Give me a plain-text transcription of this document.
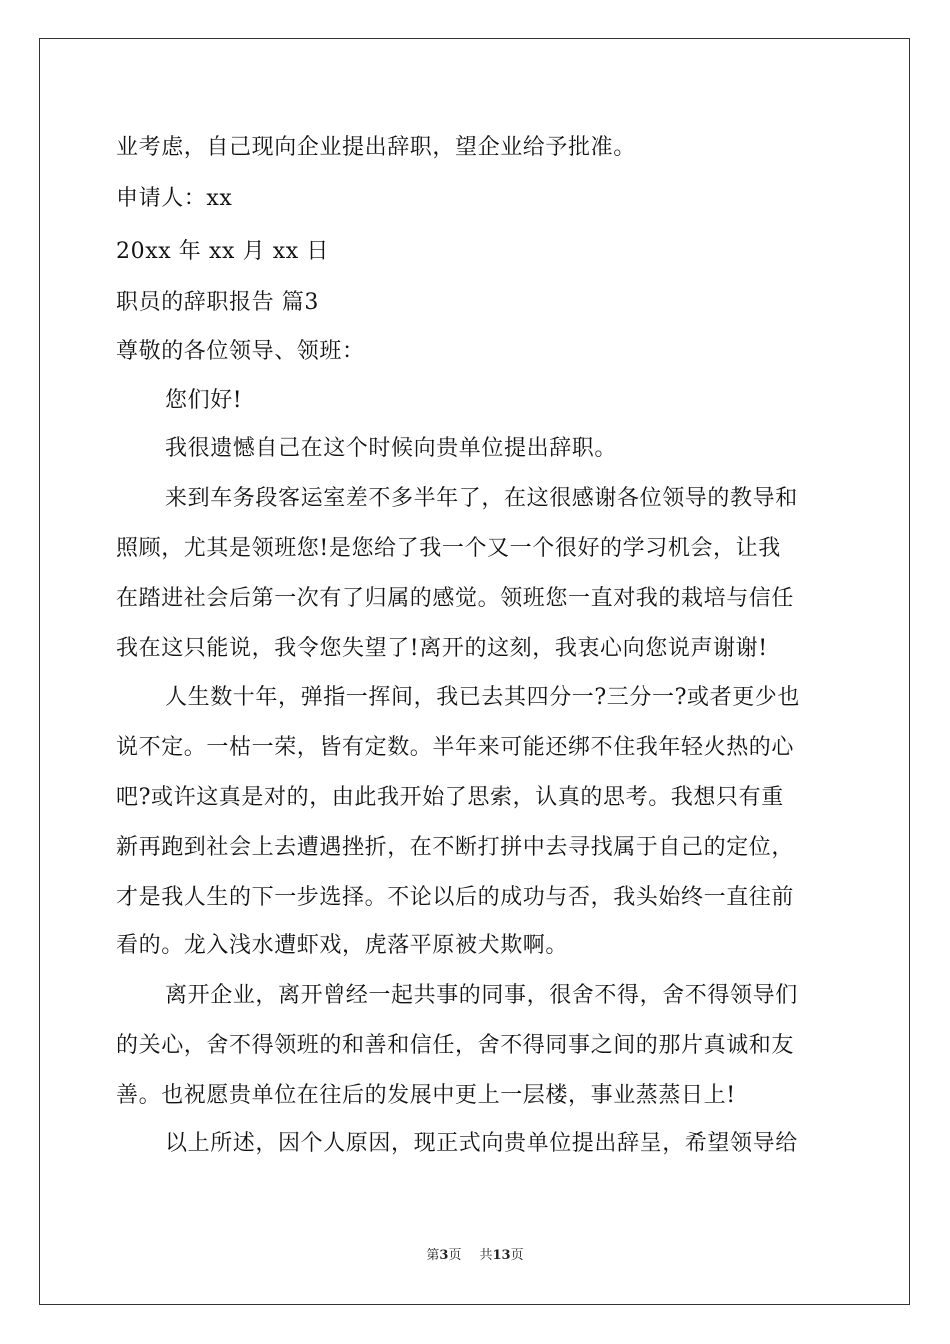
业考虑，自己现向企业提出辞职，望企业给予批准。
申请人：xx
20xx 年 xx 月 xx 日
职员的辞职报告 篇3
尊敬的各位领导、领班：
您们好!
我很遗憾自己在这个时候向贵单位提出辞职。
来到车务段客运室差不多半年了，在这很感谢各位领导的教导和
照顾，尤其是领班您!是您给了我一个又一个很好的学习机会，让我
在踏进社会后第一次有了归属的感觉。领班您一直对我的栽培与信任
我在这只能说，我令您失望了!离开的这刻，我衷心向您说声谢谢!
人生数十年，弹指一挥间，我已去其四分一?三分一?或者更少也
说不定。一枯一荣，皆有定数。半年来可能还绑不住我年轻火热的心
吧?或许这真是对的，由此我开始了思索，认真的思考。我想只有重
新再跑到社会上去遭遇挫折，在不断打拼中去寻找属于自己的定位，
才是我人生的下一步选择。不论以后的成功与否，我头始终一直往前
看的。龙入浅水遭虾戏，虎落平原被犬欺啊。
离开企业，离开曾经一起共事的同事，很舍不得，舍不得领导们
的关心，舍不得领班的和善和信任，舍不得同事之间的那片真诚和友
善。也祝愿贵单位在往后的发展中更上一层楼，事业蒸蒸日上!
以上所述，因个人原因，现正式向贵单位提出辞呈，希望领导给
第3页 共13页
